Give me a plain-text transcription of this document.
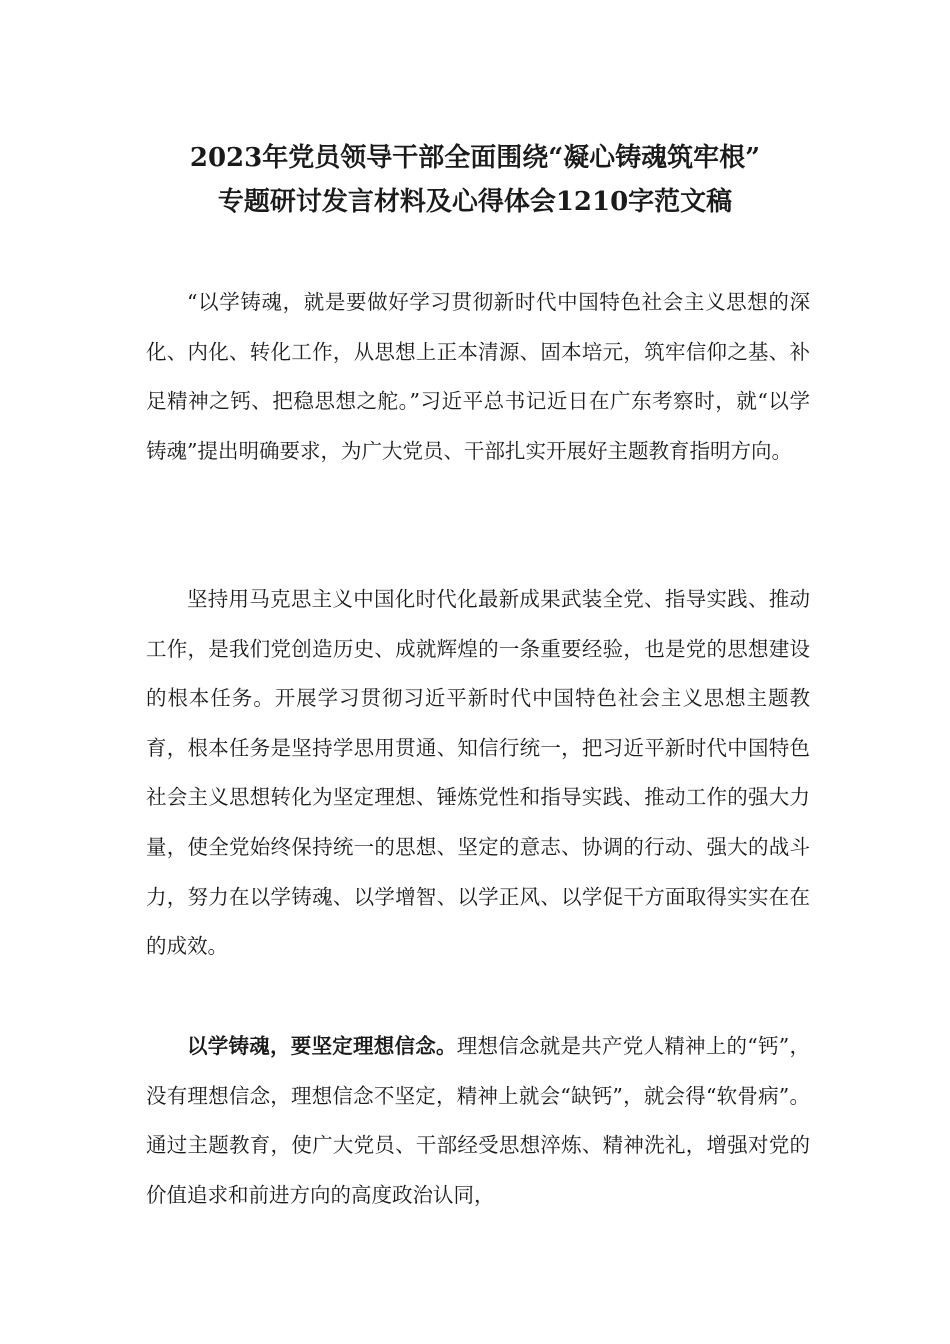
2023年党员领导干部全面围绕“凝心铸魂筑牢根”
专题研讨发言材料及心得体会1210字范文稿

“以学铸魂，就是要做好学习贯彻新时代中国特色社会主义思想的深化、内化、转化工作，从思想上正本清源、固本培元，筑牢信仰之基、补足精神之钙、把稳思想之舵。”习近平总书记近日在广东考察时，就“以学铸魂”提出明确要求，为广大党员、干部扎实开展好主题教育指明方向。

坚持用马克思主义中国化时代化最新成果武装全党、指导实践、推动工作，是我们党创造历史、成就辉煌的一条重要经验，也是党的思想建设的根本任务。开展学习贯彻习近平新时代中国特色社会主义思想主题教育，根本任务是坚持学思用贯通、知信行统一，把习近平新时代中国特色社会主义思想转化为坚定理想、锤炼党性和指导实践、推动工作的强大力量，使全党始终保持统一的思想、坚定的意志、协调的行动、强大的战斗力，努力在以学铸魂、以学增智、以学正风、以学促干方面取得实实在在的成效。

以学铸魂，要坚定理想信念。理想信念就是共产党人精神上的“钙”，没有理想信念，理想信念不坚定，精神上就会“缺钙”，就会得“软骨病”。通过主题教育，使广大党员、干部经受思想淬炼、精神洗礼，增强对党的价值追求和前进方向的高度政治认同，
